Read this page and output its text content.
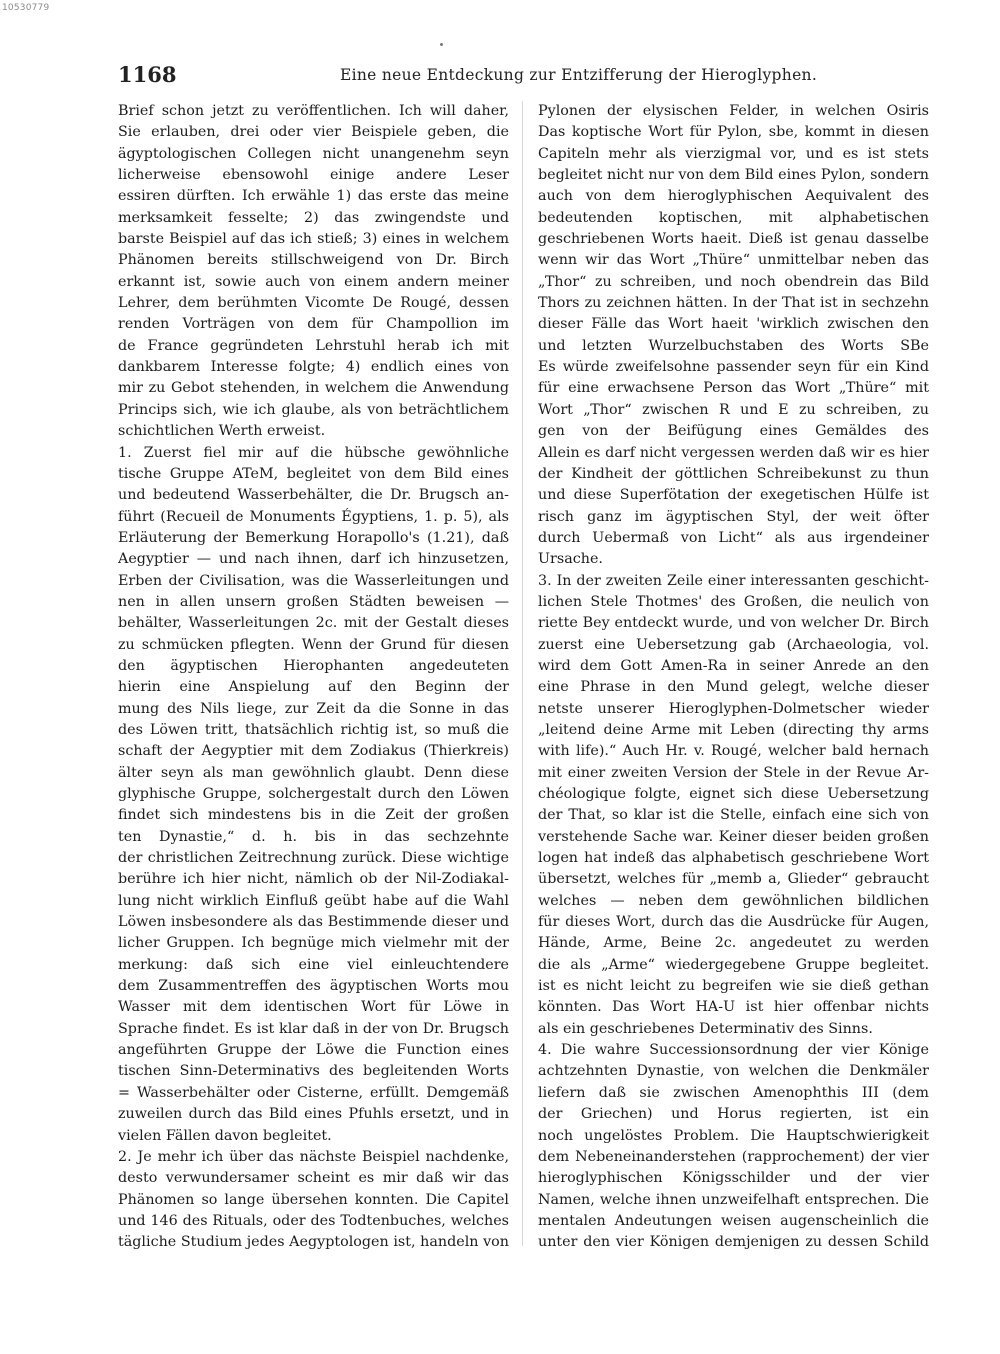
10530779
1168	Eine neue Entdeckung zur Entzifferung der Hieroglyphen.
Brief schon jetzt zu veröffentlichen. Ich will daher,
Sie erlauben, drei oder vier Beispiele geben, die
ägyptologischen Collegen nicht unangenehm seyn
licherweise ebensowohl einige andere Leser
essiren dürften. Ich erwähle 1) das erste das meine
merksamkeit fesselte; 2) das zwingendste und
barste Beispiel auf das ich stieß; 3) eines in welchem
Phänomen bereits stillschweigend von Dr. Birch
erkannt ist, sowie auch von einem andern meiner
Lehrer, dem berühmten Vicomte De Rougé, dessen
renden Vorträgen von dem für Champollion im
de France gegründeten Lehrstuhl herab ich mit
dankbarem Interesse folgte; 4) endlich eines von
mir zu Gebot stehenden, in welchem die Anwendung
Princips sich, wie ich glaube, als von beträchtlichem
schichtlichen Werth erweist.
1. Zuerst fiel mir auf die hübsche gewöhnliche
tische Gruppe ATeM, begleitet von dem Bild eines
und bedeutend Wasserbehälter, die Dr. Brugsch an-
führt (Recueil de Monuments Égyptiens, 1. p. 5), als
Erläuterung der Bemerkung Horapollo's (1.21), daß
Aegyptier — und nach ihnen, darf ich hinzusetzen,
Erben der Civilisation, was die Wasserleitungen und
nen in allen unsern großen Städten beweisen —
behälter, Wasserleitungen 2c. mit der Gestalt dieses
zu schmücken pflegten. Wenn der Grund für diesen
den ägyptischen Hierophanten angedeuteten
hierin eine Anspielung auf den Beginn der
mung des Nils liege, zur Zeit da die Sonne in das
des Löwen tritt, thatsächlich richtig ist, so muß die
schaft der Aegyptier mit dem Zodiakus (Thierkreis)
älter seyn als man gewöhnlich glaubt. Denn diese
glyphische Gruppe, solchergestalt durch den Löwen
findet sich mindestens bis in die Zeit der großen
ten Dynastie,“ d. h. bis in das sechzehnte
der christlichen Zeitrechnung zurück. Diese wichtige
berühre ich hier nicht, nämlich ob der Nil-Zodiakal-
lung nicht wirklich Einfluß geübt habe auf die Wahl
Löwen insbesondere als das Bestimmende dieser und
licher Gruppen. Ich begnüge mich vielmehr mit der
merkung: daß sich eine viel einleuchtendere
dem Zusammentreffen des ägyptischen Worts mou
Wasser mit dem identischen Wort für Löwe in
Sprache findet. Es ist klar daß in der von Dr. Brugsch
angeführten Gruppe der Löwe die Function eines
tischen Sinn-Determinativs des begleitenden Worts
= Wasserbehälter oder Cisterne, erfüllt. Demgemäß
zuweilen durch das Bild eines Pfuhls ersetzt, und in
vielen Fällen davon begleitet.
2. Je mehr ich über das nächste Beispiel nachdenke,
desto verwundersamer scheint es mir daß wir das
Phänomen so lange übersehen konnten. Die Capitel
und 146 des Rituals, oder des Todtenbuches, welches
tägliche Studium jedes Aegyptologen ist, handeln von
Pylonen der elysischen Felder, in welchen Osiris
Das koptische Wort für Pylon, sbe, kommt in diesen
Capiteln mehr als vierzigmal vor, und es ist stets
begleitet nicht nur von dem Bild eines Pylon, sondern
auch von dem hieroglyphischen Aequivalent des
bedeutenden koptischen, mit alphabetischen
geschriebenen Worts haeit. Dieß ist genau dasselbe
wenn wir das Wort „Thüre“ unmittelbar neben das
„Thor“ zu schreiben, und noch obendrein das Bild
Thors zu zeichnen hätten. In der That ist in sechzehn
dieser Fälle das Wort haeit 'wirklich zwischen den
und letzten Wurzelbuchstaben des Worts SBe
Es würde zweifelsohne passender seyn für ein Kind
für eine erwachsene Person das Wort „Thüre“ mit
Wort „Thor“ zwischen R und E zu schreiben, zu
gen von der Beifügung eines Gemäldes des
Allein es darf nicht vergessen werden daß wir es hier
der Kindheit der göttlichen Schreibekunst zu thun
und diese Superfötation der exegetischen Hülfe ist
risch ganz im ägyptischen Styl, der weit öfter
durch Uebermaß von Licht“ als aus irgendeiner
Ursache.
3. In der zweiten Zeile einer interessanten geschicht-
lichen Stele Thotmes' des Großen, die neulich von
riette Bey entdeckt wurde, und von welcher Dr. Birch
zuerst eine Uebersetzung gab (Archaeologia, vol.
wird dem Gott Amen-Ra in seiner Anrede an den
eine Phrase in den Mund gelegt, welche dieser
netste unserer Hieroglyphen-Dolmetscher wieder
„leitend deine Arme mit Leben (directing thy arms
with life).“ Auch Hr. v. Rougé, welcher bald hernach
mit einer zweiten Version der Stele in der Revue Ar-
chéologique folgte, eignet sich diese Uebersetzung
der That, so klar ist die Stelle, einfach eine sich von
verstehende Sache war. Keiner dieser beiden großen
logen hat indeß das alphabetisch geschriebene Wort
übersetzt, welches für „memb a, Glieder“ gebraucht
welches — neben dem gewöhnlichen bildlichen
für dieses Wort, durch das die Ausdrücke für Augen,
Hände, Arme, Beine 2c. angedeutet zu werden
die als „Arme“ wiedergegebene Gruppe begleitet.
ist es nicht leicht zu begreifen wie sie dieß gethan
könnten. Das Wort HA-U ist hier offenbar nichts
als ein geschriebenes Determinativ des Sinns.
4. Die wahre Successionsordnung der vier Könige
achtzehnten Dynastie, von welchen die Denkmäler
liefern daß sie zwischen Amenophthis III (dem
der Griechen) und Horus regierten, ist ein
noch ungelöstes Problem. Die Hauptschwierigkeit
dem Nebeneinanderstehen (rapprochement) der vier
hieroglyphischen Königsschilder und der vier
Namen, welche ihnen unzweifelhaft entsprechen. Die
mentalen Andeutungen weisen augenscheinlich die
unter den vier Königen demjenigen zu dessen Schild
